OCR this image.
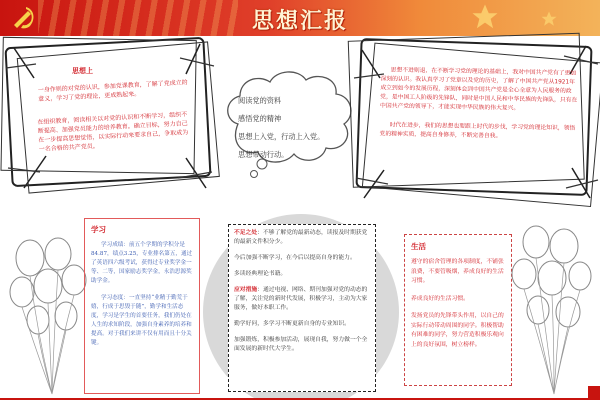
思想汇报
思想上
一身作则的对党的认识，参加党课教育，了解了党成立的意义，学习了党的理论，更成熟起来。
在组织教育，阅读相关以对党的认识和不断学习，组织不断提高、加强党员能力的培养教育。确立目标，努力自己在一步提高思想觉悟，以实际行动来要求自己，争取成为一名合格的共产党员。
阅读党的资料
感悟党的精神
思想上入党，行动上入党。
思想带动行动。

思想不进则退，在不断学习党的理论的基础上，我对中国共产党有了更加深刻的认识。我认真学习了党章以及党的历史，了解了中国共产党从1921年成立到如今的发展历程，深刻体会到中国共产党是全心全意为人民服务的政党，是中国工人阶级的先锋队，同时是中国人民和中华民族的先锋队，只有在中国共产党的领导下，才能实现中华民族的伟大复兴。

时代在进步，我们的思想也要跟上时代的步伐，学习党的理论知识，领悟党的精神实质，提高自身修养，不断完善自我。

学习
学习成绩：前五个学期的学积分是84.87，绩点3.25，专业排名第五，通过了英语四六级考试，获得过专业奖学金一等、二等，国家励志奖学金，永浩思源奖助学金。
学习态度：一直坚持“业精于勤荒于嬉，行成于思毁于随”，勤学和生活态度，学习是学生的首要任务，我们仍处在人生的求知阶段，加强自身素养的培养和提高。对于我们来讲不仅有用而且十分关键。
不足之处：不够了解党的最新动态，读报及时期获党的最新文件积分少。
今后加强不断学习，在今后以提高自身的能力。
多读经典理论书籍。
应对措施：通过电视、网络、期刊加强对党的动态的了解，关注党的新时代发展，积极学习，主动为大家服务，做好本职工作。
勤学好问，多学习不断更新自身的专业知识。
加强锻炼，积极参加活动，展现自我，努力做一个全面发展的新时代大学生。
生活
遵守的宿舍管理的各项制度，不铺张浪费，不要管吸烟，养成良好的生活习惯。
养成良好的生活习惯。
发扬党员的先锋带头作用，以自己的实际行动带动周围的同学。积极帮助有困难的同学，努力营造积极乐观向上的良好氛围，树立榜样。
